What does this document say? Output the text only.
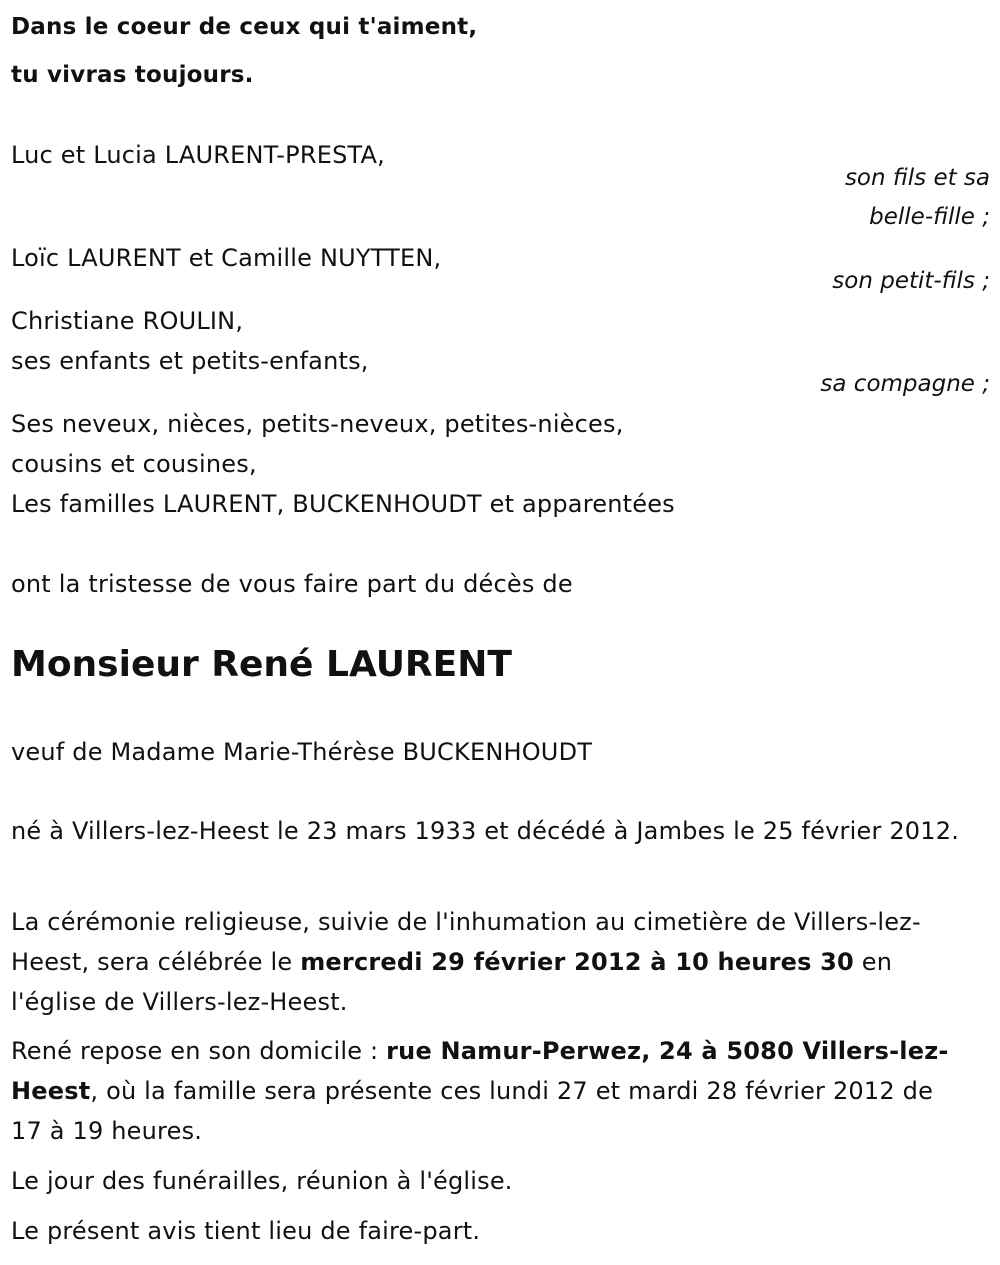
Dans le coeur de ceux qui t'aiment,
tu vivras toujours.
Luc et Lucia LAURENT-PRESTA,
son fils et sa
belle-fille ;
Loïc LAURENT et Camille NUYTTEN,
son petit-fils ;
Christiane ROULIN,
ses enfants et petits-enfants,
sa compagne ;
Ses neveux, nièces, petits-neveux, petites-nièces,
cousins et cousines,
Les familles LAURENT, BUCKENHOUDT et apparentées
ont la tristesse de vous faire part du décès de
Monsieur René LAURENT
veuf de Madame Marie-Thérèse BUCKENHOUDT
né à Villers-lez-Heest le 23 mars 1933 et décédé à Jambes le 25 février 2012.
La cérémonie religieuse, suivie de l'inhumation au cimetière de Villers-lez-Heest, sera célébrée le mercredi 29 février 2012 à 10 heures 30 en l'église de Villers-lez-Heest.
René repose en son domicile : rue Namur-Perwez, 24 à 5080 Villers-lez-Heest, où la famille sera présente ces lundi 27 et mardi 28 février 2012 de 17 à 19 heures.
Le jour des funérailles, réunion à l'église.
Le présent avis tient lieu de faire-part.
